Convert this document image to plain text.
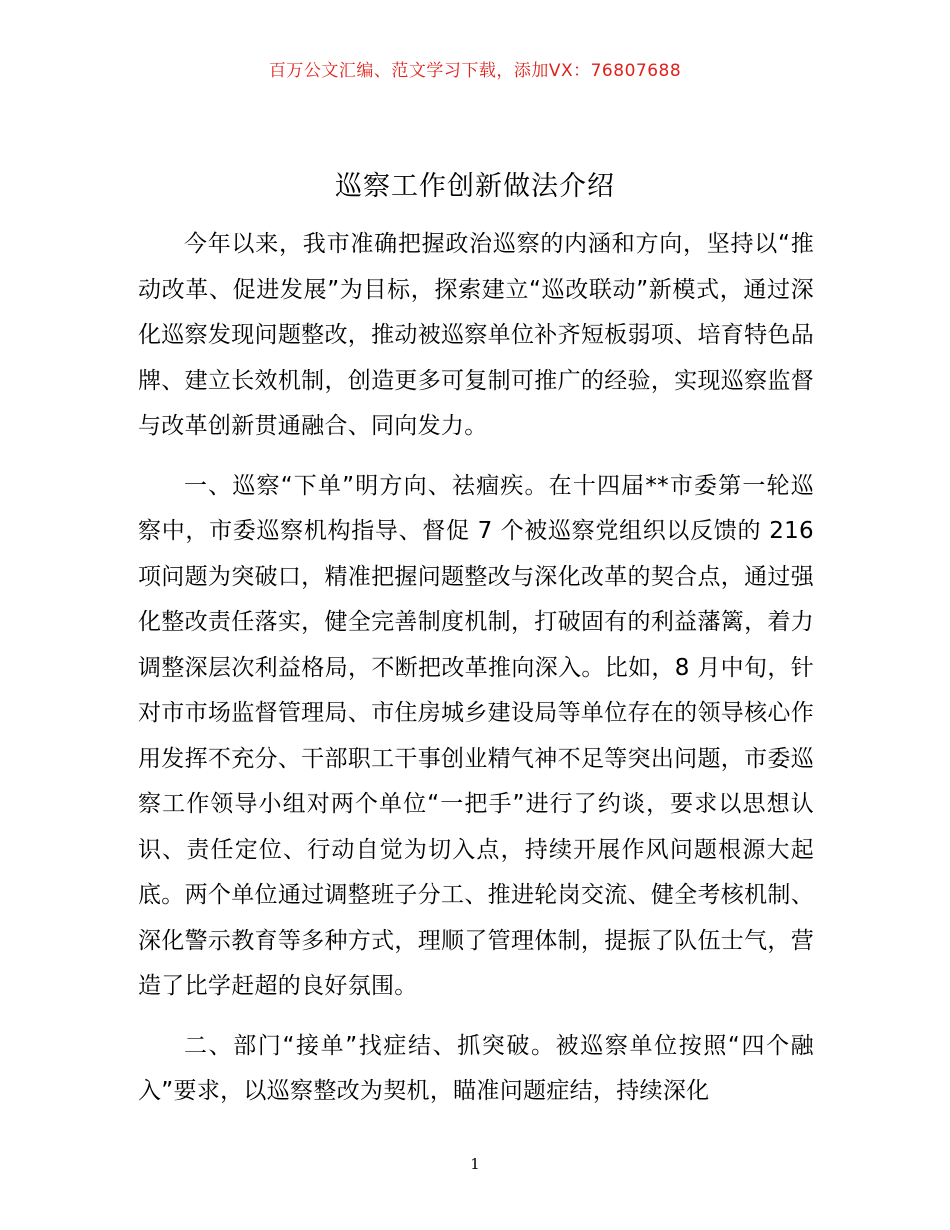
百万公文汇编、范文学习下载，添加VX：76807688
巡察工作创新做法介绍

今年以来，我市准确把握政治巡察的内涵和方向，坚持以“推动改革、促进发展”为目标，探索建立“巡改联动”新模式，通过深化巡察发现问题整改，推动被巡察单位补齐短板弱项、培育特色品牌、建立长效机制，创造更多可复制可推广的经验，实现巡察监督与改革创新贯通融合、同向发力。

一、巡察“下单”明方向、祛痼疾。在十四届**市委第一轮巡察中，市委巡察机构指导、督促 7 个被巡察党组织以反馈的 216 项问题为突破口，精准把握问题整改与深化改革的契合点，通过强化整改责任落实，健全完善制度机制，打破固有的利益藩篱，着力调整深层次利益格局，不断把改革推向深入。比如，8 月中旬，针对市市场监督管理局、市住房城乡建设局等单位存在的领导核心作用发挥不充分、干部职工干事创业精气神不足等突出问题，市委巡察工作领导小组对两个单位“一把手”进行了约谈，要求以思想认识、责任定位、行动自觉为切入点，持续开展作风问题根源大起底。两个单位通过调整班子分工、推进轮岗交流、健全考核机制、深化警示教育等多种方式，理顺了管理体制，提振了队伍士气，营造了比学赶超的良好氛围。

二、部门“接单”找症结、抓突破。被巡察单位按照“四个融入”要求，以巡察整改为契机，瞄准问题症结，持续深化

1
